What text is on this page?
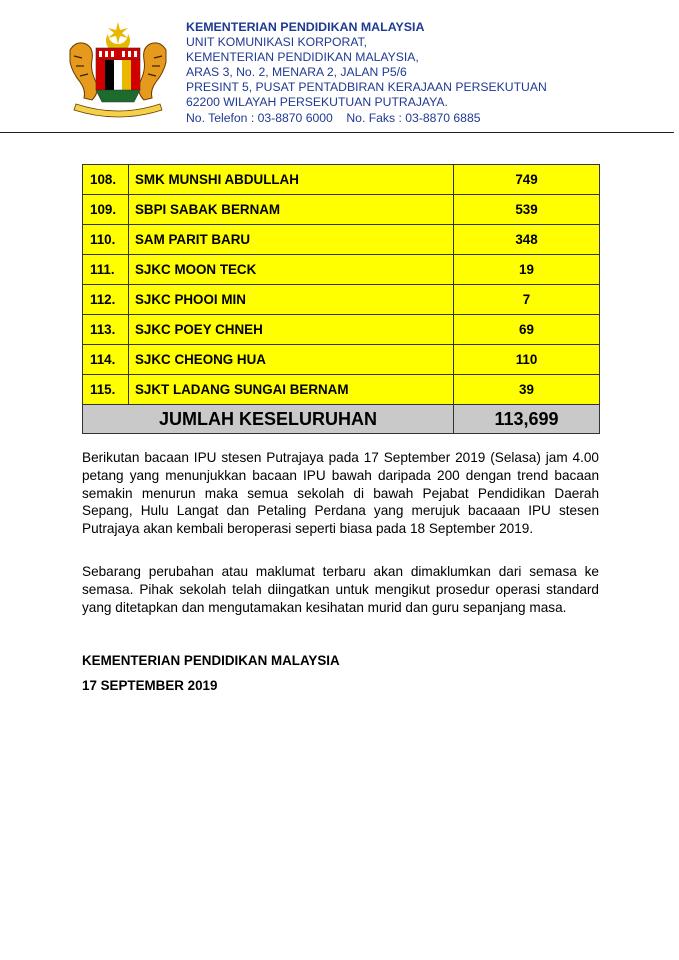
KEMENTERIAN PENDIDIKAN MALAYSIA
UNIT KOMUNIKASI KORPORAT,
KEMENTERIAN PENDIDIKAN MALAYSIA,
ARAS 3, No. 2, MENARA 2, JALAN P5/6
PRESINT 5, PUSAT PENTADBIRAN KERAJAAN PERSEKUTUAN
62200 WILAYAH PERSEKUTUAN PUTRAJAYA.
No. Telefon : 03-8870 6000    No. Faks : 03-8870 6885
108.	SMK MUNSHI ABDULLAH	749
109.	SBPI SABAK BERNAM	539
110.	SAM PARIT BARU	348
111.	SJKC MOON TECK	19
112.	SJKC PHOOI MIN	7
113.	SJKC POEY CHNEH	69
114.	SJKC CHEONG HUA	110
115.	SJKT LADANG SUNGAI BERNAM	39
JUMLAH KESELURUHAN		113,699
Berikutan bacaan IPU stesen Putrajaya pada 17 September 2019 (Selasa) jam 4.00 petang yang menunjukkan bacaan IPU bawah daripada 200 dengan trend bacaan semakin menurun maka semua sekolah di bawah Pejabat Pendidikan Daerah Sepang, Hulu Langat dan Petaling Perdana yang merujuk bacaaan IPU stesen Putrajaya akan kembali beroperasi seperti biasa pada 18 September 2019.
Sebarang perubahan atau maklumat terbaru akan dimaklumkan dari semasa ke semasa. Pihak sekolah telah diingatkan untuk mengikut prosedur operasi standard yang ditetapkan dan mengutamakan kesihatan murid dan guru sepanjang masa.
KEMENTERIAN PENDIDIKAN MALAYSIA
17 SEPTEMBER 2019
